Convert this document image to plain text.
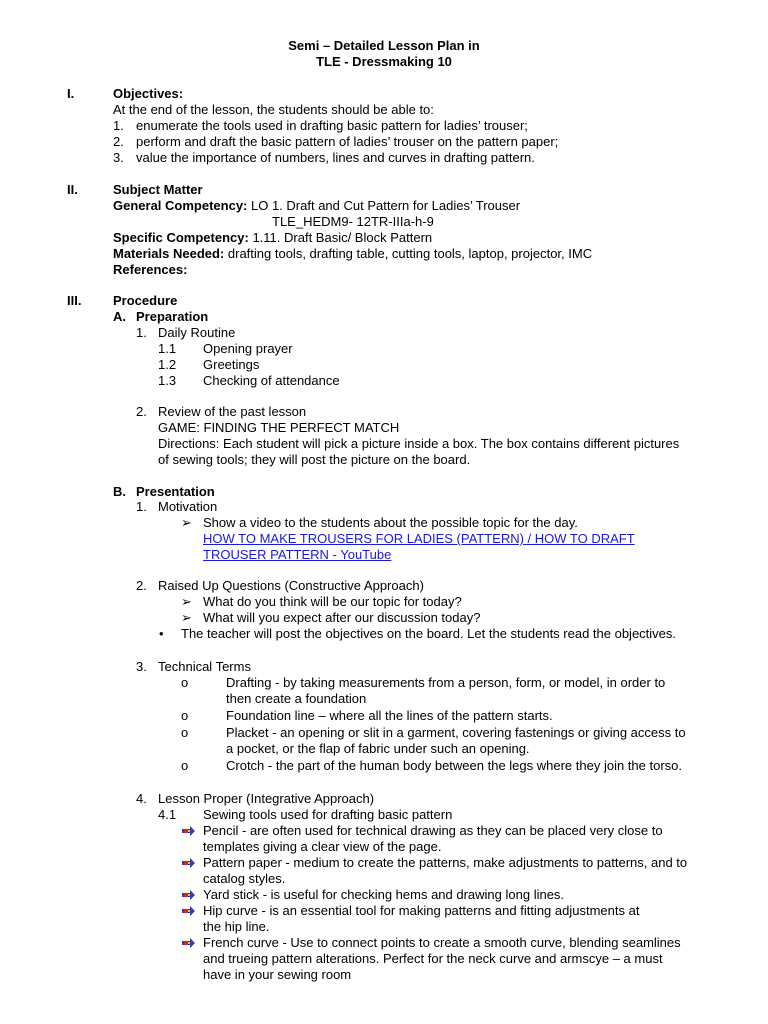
Semi – Detailed Lesson Plan in
TLE - Dressmaking 10
I.	Objectives:
At the end of the lesson, the students should be able to:
1. enumerate the tools used in drafting basic pattern for ladies’ trouser;
2. perform and draft the basic pattern of ladies’ trouser on the pattern paper;
3. value the importance of numbers, lines and curves in drafting pattern.
II.	Subject Matter
General Competency: LO 1. Draft and Cut Pattern for Ladies’ Trouser
TLE_HEDM9- 12TR-IIIa-h-9
Specific Competency: 1.11. Draft Basic/ Block Pattern
Materials Needed: drafting tools, drafting table, cutting tools, laptop, projector, IMC
References:
III. Procedure
A. Preparation
1. Daily Routine
1.1 Opening prayer
1.2 Greetings
1.3 Checking of attendance
2. Review of the past lesson
GAME: FINDING THE PERFECT MATCH
Directions: Each student will pick a picture inside a box. The box contains different pictures
of sewing tools; they will post the picture on the board.
B. Presentation
1. Motivation
➢ Show a video to the students about the possible topic for the day.
HOW TO MAKE TROUSERS FOR LADIES (PATTERN) / HOW TO DRAFT
TROUSER PATTERN - YouTube
2. Raised Up Questions (Constructive Approach)
➢ What do you think will be our topic for today?
➢ What will you expect after our discussion today?
• The teacher will post the objectives on the board. Let the students read the objectives.
3. Technical Terms
o	Drafting - by taking measurements from a person, form, or model, in order to
then create a foundation
o	Foundation line – where all the lines of the pattern starts.
o	Placket - an opening or slit in a garment, covering fastenings or giving access to
a pocket, or the flap of fabric under such an opening.
o	Crotch - the part of the human body between the legs where they join the torso.
4. Lesson Proper (Integrative Approach)
4.1 Sewing tools used for drafting basic pattern
Pencil - are often used for technical drawing as they can be placed very close to
templates giving a clear view of the page.
Pattern paper - medium to create the patterns, make adjustments to patterns, and to
catalog styles.
Yard stick - is useful for checking hems and drawing long lines.
Hip curve - is an essential tool for making patterns and fitting adjustments at
the hip line.
French curve - Use to connect points to create a smooth curve, blending seamlines
and trueing pattern alterations. Perfect for the neck curve and armscye – a must
have in your sewing room
